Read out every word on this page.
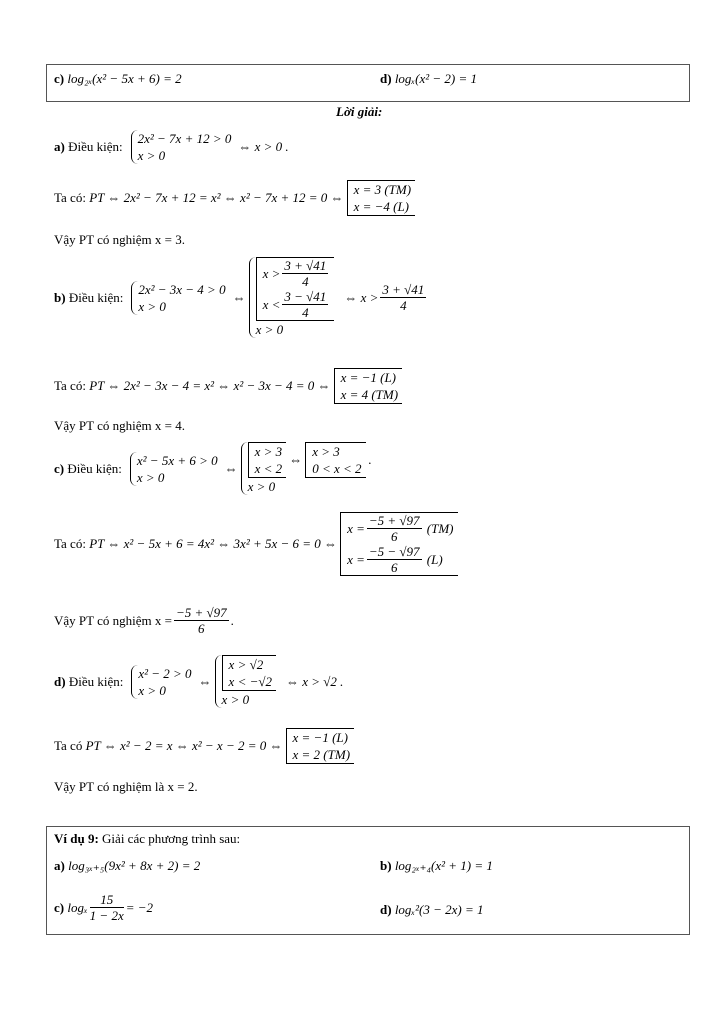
c) log₂ₓ(x² − 5x + 6) = 2	d) logₓ(x² − 2) = 1
Lời giải:
a)
Điều kiện:
2x² − 7x + 12 > 0
x > 0
⇔ x > 0 .
Ta có:
PT ⇔ 2x² − 7x + 12 = x² ⇔ x² − 7x + 12 = 0 ⇔
x = 3 (TM)
x = −4 (L)
Vậy PT có nghiệm x = 3.
b)
Điều kiện:
2x² − 3x − 4 > 0
x > 0
⇔
$x > \frac{3 + √41}{4}$
$x < \frac{3 - √41}{4}$
x > 0
⇔ $x > \frac{3 + √41}{4}$
Ta có:
PT ⇔ 2x² − 3x − 4 = x² ⇔ x² − 3x − 4 = 0 ⇔
x = −1 (L)
x = 4 (TM)
Vậy PT có nghiệm x = 4.
c)
Điều kiện:
x² − 5x + 6 > 0
x > 0
⇔
x > 3
x < 2
⇔
x > 3
0 < x < 2
.
x > 0
Ta có:
PT ⇔ x² − 5x + 6 = 4x² ⇔ 3x² + 5x − 6 = 0 ⇔
$x = \frac{-5 + √97}{6}$
(TM)
$x = \frac{-5 - √97}{6}$
(L)
Vậy PT có nghiệm $x = \frac{-5 + √97}{6}$ .
d)
Điều kiện:
x² − 2 > 0
x > 0
⇔
x > √2
x < −√2
x > 0
⇔ x > √2 .
Ta có
PT ⇔ x² − 2 = x ⇔ x² − x − 2 = 0 ⇔
x = −1 (L)
x = 2 (TM)
Vậy PT có nghiệm là x = 2.
Ví dụ 9: Giải các phương trình sau:
a) log₃ₓ₊₅(9x² + 8x + 2) = 2	b) log₂ₓ₊₄(x² + 1) = 1
c)
logₓ $\frac{15}{1 - 2x} = -2$	d) logₓ²(3 − 2x) = 1
